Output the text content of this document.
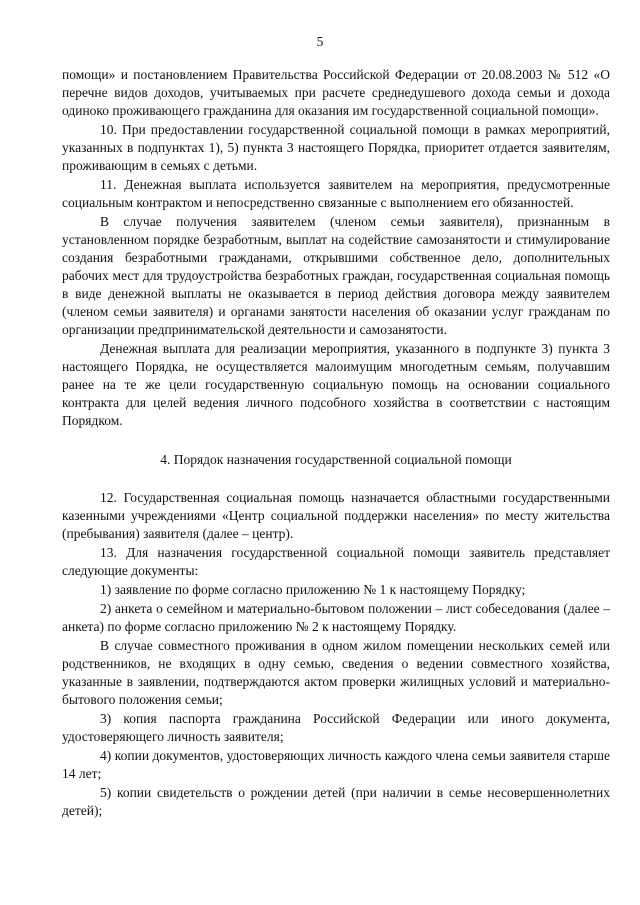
5

помощи» и постановлением Правительства Российской Федерации от 20.08.2003 № 512 «О перечне видов доходов, учитываемых при расчете среднедушевого дохода семьи и дохода одиноко проживающего гражданина для оказания им государственной социальной помощи».

10. При предоставлении государственной социальной помощи в рамках мероприятий, указанных в подпунктах 1), 5) пункта 3 настоящего Порядка, приоритет отдается заявителям, проживающим в семьях с детьми.

11. Денежная выплата используется заявителем на мероприятия, предусмотренные социальным контрактом и непосредственно связанные с выполнением его обязанностей.

В случае получения заявителем (членом семьи заявителя), признанным в установленном порядке безработным, выплат на содействие самозанятости и стимулирование создания безработными гражданами, открывшими собственное дело, дополнительных рабочих мест для трудоустройства безработных граждан, государственная социальная помощь в виде денежной выплаты не оказывается в период действия договора между заявителем (членом семьи заявителя) и органами занятости населения об оказании услуг гражданам по организации предпринимательской деятельности и самозанятости.

Денежная выплата для реализации мероприятия, указанного в подпункте 3) пункта 3 настоящего Порядка, не осуществляется малоимущим многодетным семьям, получавшим ранее на те же цели государственную социальную помощь на основании социального контракта для целей ведения личного подсобного хозяйства в соответствии с настоящим Порядком.

4. Порядок назначения государственной социальной помощи

12. Государственная социальная помощь назначается областными государственными казенными учреждениями «Центр социальной поддержки населения» по месту жительства (пребывания) заявителя (далее – центр).

13. Для назначения государственной социальной помощи заявитель представляет следующие документы:

1) заявление по форме согласно приложению № 1 к настоящему Порядку;

2) анкета о семейном и материально-бытовом положении – лист собеседования (далее – анкета) по форме согласно приложению № 2 к настоящему Порядку.

В случае совместного проживания в одном жилом помещении нескольких семей или родственников, не входящих в одну семью, сведения о ведении совместного хозяйства, указанные в заявлении, подтверждаются актом проверки жилищных условий и материально-бытового положения семьи;

3) копия паспорта гражданина Российской Федерации или иного документа, удостоверяющего личность заявителя;

4) копии документов, удостоверяющих личность каждого члена семьи заявителя старше 14 лет;

5) копии свидетельств о рождении детей (при наличии в семье несовершеннолетних детей);
